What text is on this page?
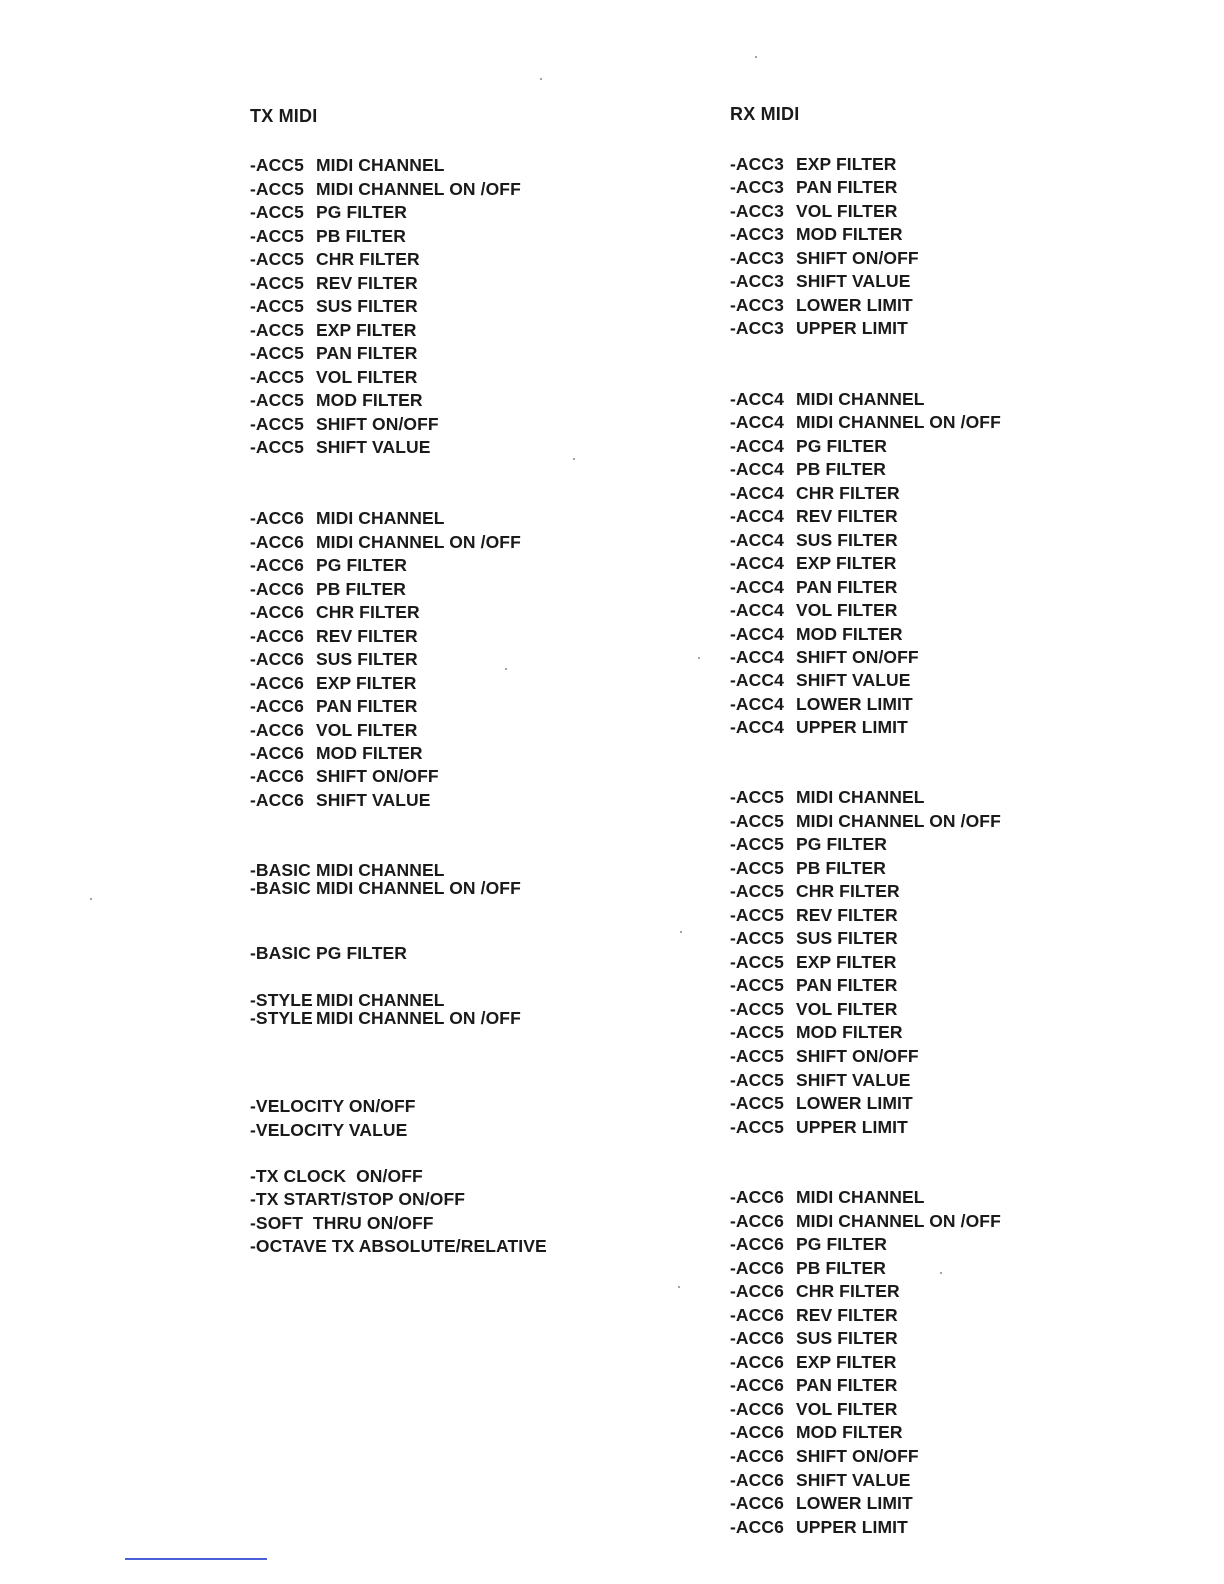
TX MIDI
-ACC5 MIDI CHANNEL
-ACC5 MIDI CHANNEL ON /OFF
-ACC5 PG FILTER
-ACC5 PB FILTER
-ACC5 CHR FILTER
-ACC5 REV FILTER
-ACC5 SUS FILTER
-ACC5 EXP FILTER
-ACC5 PAN FILTER
-ACC5 VOL FILTER
-ACC5 MOD FILTER
-ACC5 SHIFT ON/OFF
-ACC5 SHIFT VALUE
-ACC6 MIDI CHANNEL
-ACC6 MIDI CHANNEL ON /OFF
-ACC6 PG FILTER
-ACC6 PB FILTER
-ACC6 CHR FILTER
-ACC6 REV FILTER
-ACC6 SUS FILTER
-ACC6 EXP FILTER
-ACC6 PAN FILTER
-ACC6 VOL FILTER
-ACC6 MOD FILTER
-ACC6 SHIFT ON/OFF
-ACC6 SHIFT VALUE
-BASIC MIDI CHANNEL
-BASIC MIDI CHANNEL ON /OFF
-BASIC PG FILTER
-STYLE MIDI CHANNEL
-STYLE MIDI CHANNEL ON /OFF
-VELOCITY ON/OFF
-VELOCITY VALUE
-TX CLOCK  ON/OFF
-TX START/STOP ON/OFF
-SOFT  THRU ON/OFF
-OCTAVE TX ABSOLUTE/RELATIVE
RX MIDI
-ACC3 EXP FILTER
-ACC3 PAN FILTER
-ACC3 VOL FILTER
-ACC3 MOD FILTER
-ACC3 SHIFT ON/OFF
-ACC3 SHIFT VALUE
-ACC3 LOWER LIMIT
-ACC3 UPPER LIMIT
-ACC4 MIDI CHANNEL
-ACC4 MIDI CHANNEL ON /OFF
-ACC4 PG FILTER
-ACC4 PB FILTER
-ACC4 CHR FILTER
-ACC4 REV FILTER
-ACC4 SUS FILTER
-ACC4 EXP FILTER
-ACC4 PAN FILTER
-ACC4 VOL FILTER
-ACC4 MOD FILTER
-ACC4 SHIFT ON/OFF
-ACC4 SHIFT VALUE
-ACC4 LOWER LIMIT
-ACC4 UPPER LIMIT
-ACC5 MIDI CHANNEL
-ACC5 MIDI CHANNEL ON /OFF
-ACC5 PG FILTER
-ACC5 PB FILTER
-ACC5 CHR FILTER
-ACC5 REV FILTER
-ACC5 SUS FILTER
-ACC5 EXP FILTER
-ACC5 PAN FILTER
-ACC5 VOL FILTER
-ACC5 MOD FILTER
-ACC5 SHIFT ON/OFF
-ACC5 SHIFT VALUE
-ACC5 LOWER LIMIT
-ACC5 UPPER LIMIT
-ACC6 MIDI CHANNEL
-ACC6 MIDI CHANNEL ON /OFF
-ACC6 PG FILTER
-ACC6 PB FILTER
-ACC6 CHR FILTER
-ACC6 REV FILTER
-ACC6 SUS FILTER
-ACC6 EXP FILTER
-ACC6 PAN FILTER
-ACC6 VOL FILTER
-ACC6 MOD FILTER
-ACC6 SHIFT ON/OFF
-ACC6 SHIFT VALUE
-ACC6 LOWER LIMIT
-ACC6 UPPER LIMIT
